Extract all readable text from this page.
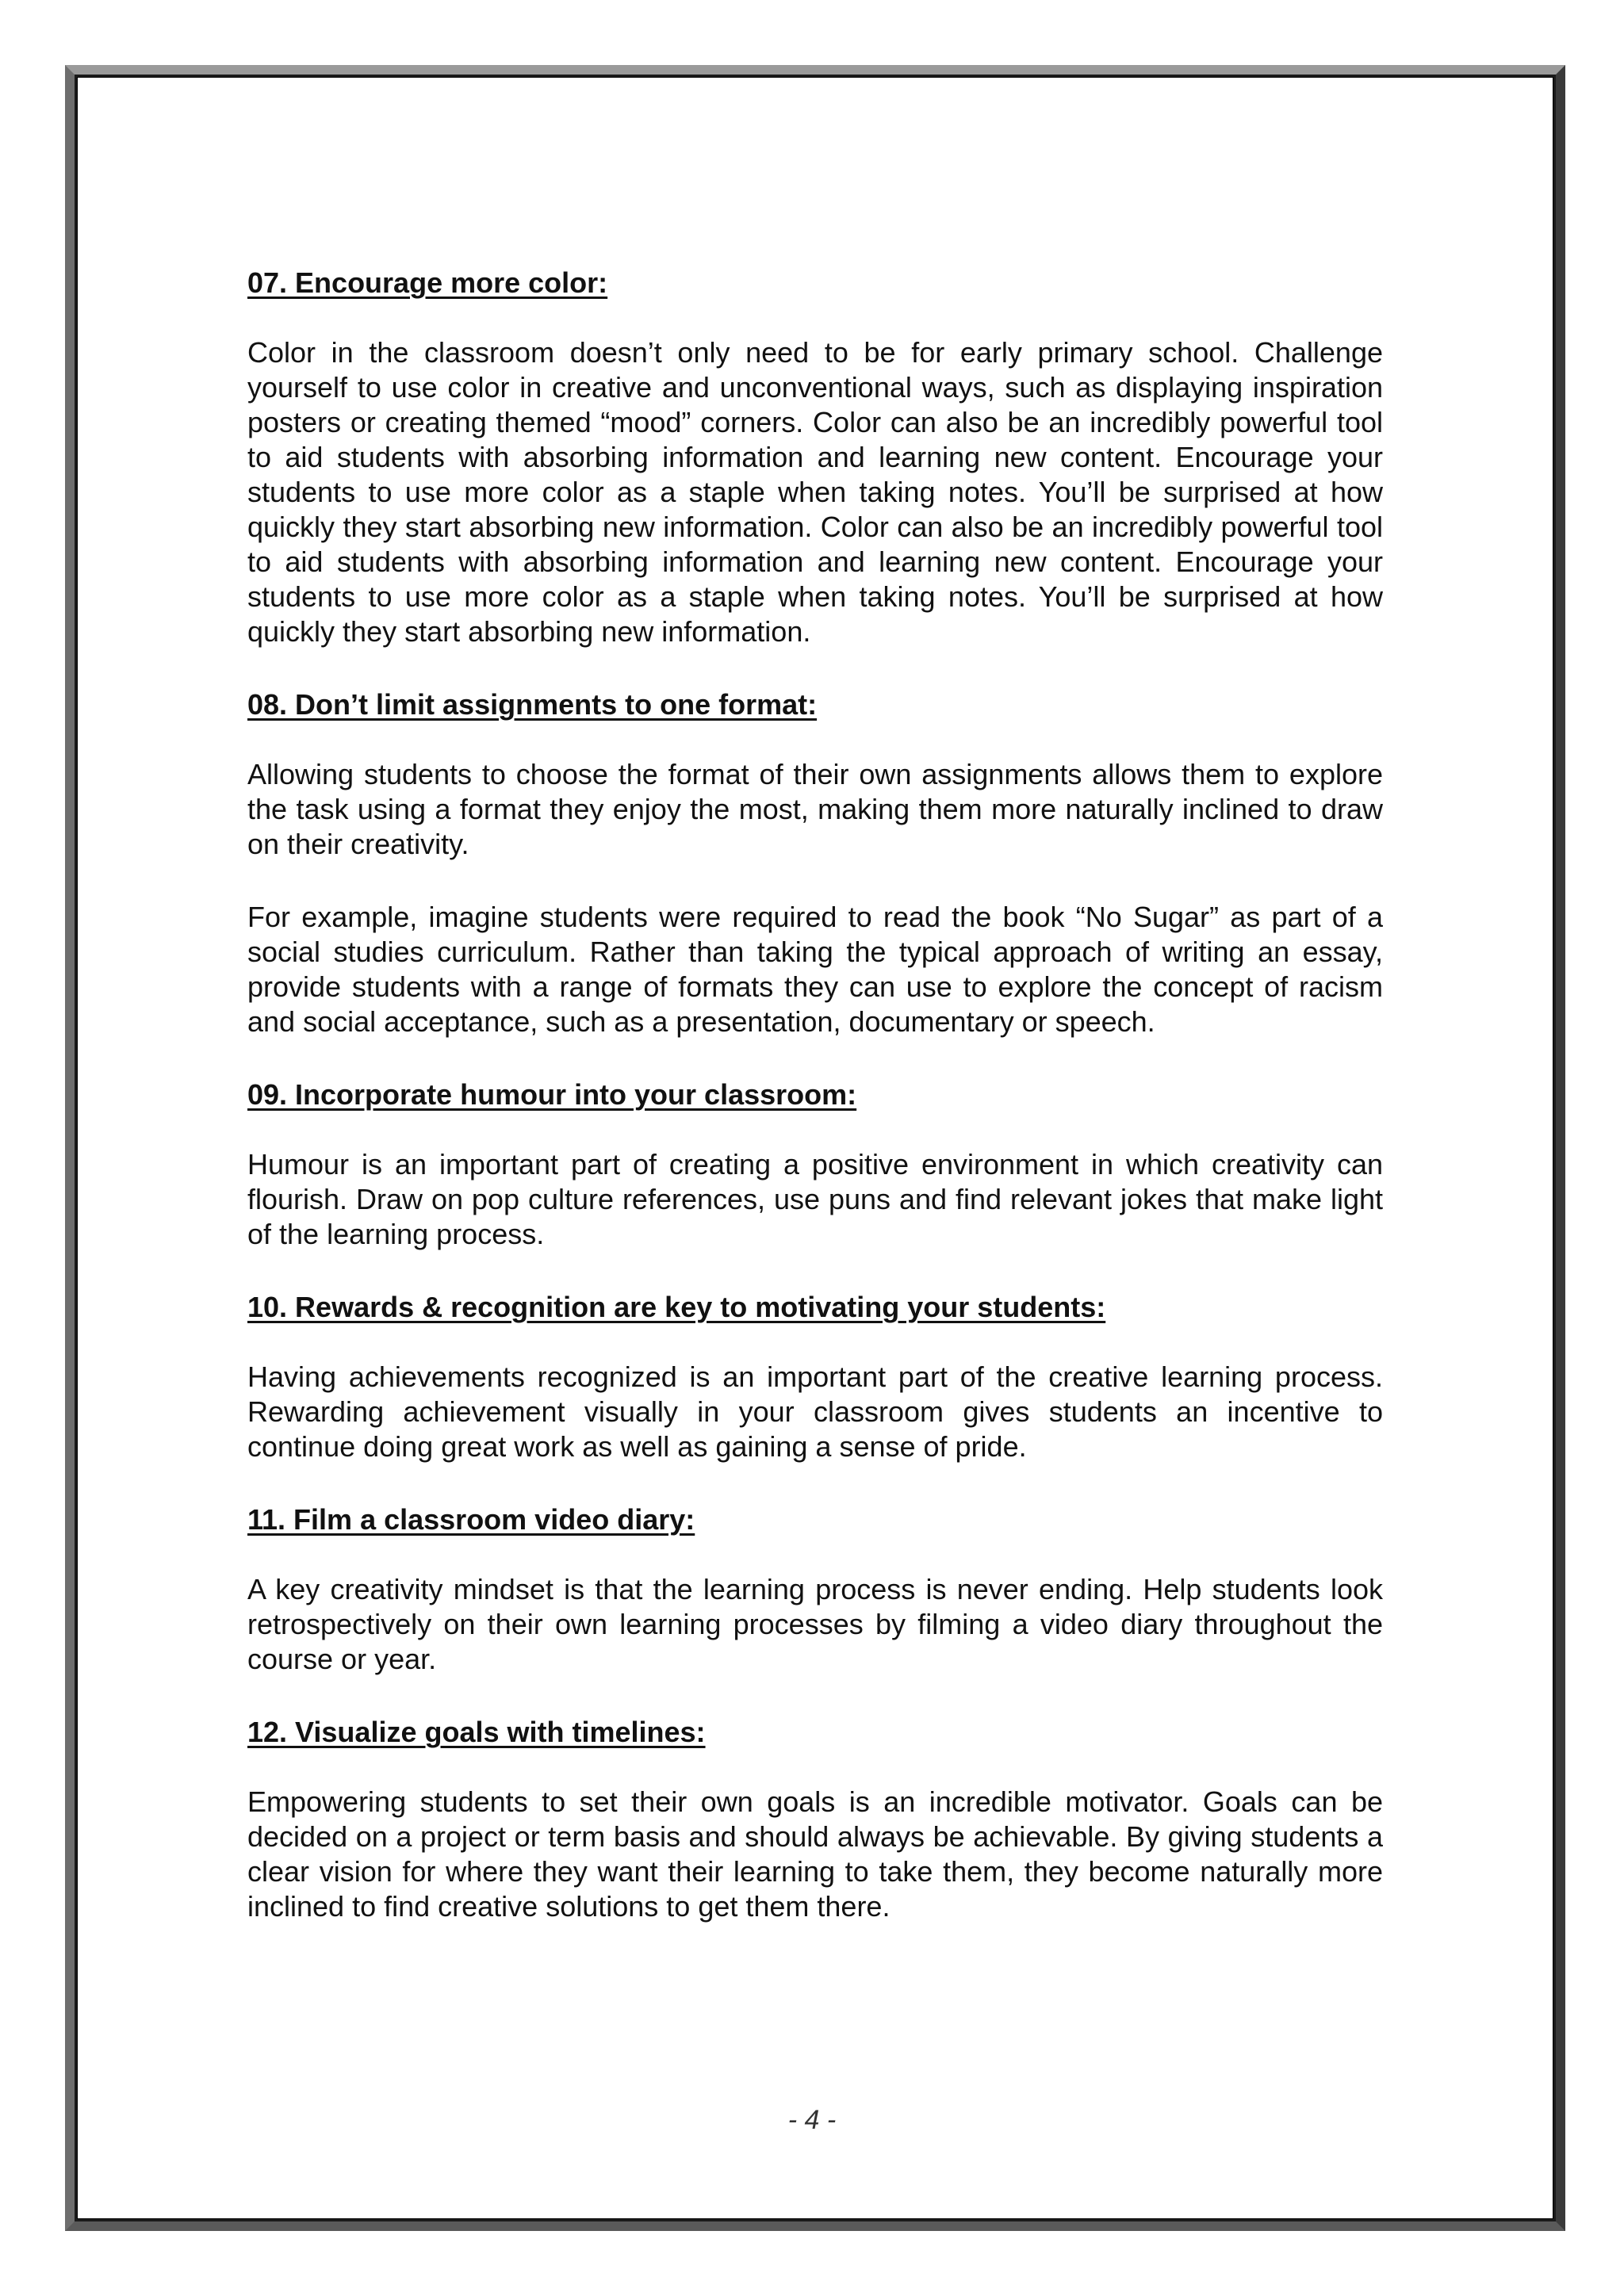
07. Encourage more color:

Color in the classroom doesn’t only need to be for early primary school. Challenge yourself to use color in creative and unconventional ways, such as displaying inspiration posters or creating themed “mood” corners. Color can also be an incredibly powerful tool to aid students with absorbing information and learning new content. Encourage your students to use more color as a staple when taking notes. You’ll be surprised at how quickly they start absorbing new information. Color can also be an incredibly powerful tool to aid students with absorbing information and learning new content. Encourage your students to use more color as a staple when taking notes. You’ll be surprised at how quickly they start absorbing new information.

08. Don’t limit assignments to one format:

Allowing students to choose the format of their own assignments allows them to explore the task using a format they enjoy the most, making them more naturally inclined to draw on their creativity.

For example, imagine students were required to read the book “No Sugar” as part of a social studies curriculum. Rather than taking the typical approach of writing an essay, provide students with a range of formats they can use to explore the concept of racism and social acceptance, such as a presentation, documentary or speech.

09. Incorporate humour into your classroom:

Humour is an important part of creating a positive environment in which creativity can flourish. Draw on pop culture references, use puns and find relevant jokes that make light of the learning process.

10. Rewards & recognition are key to motivating your students:

Having achievements recognized is an important part of the creative learning process. Rewarding achievement visually in your classroom gives students an incentive to continue doing great work as well as gaining a sense of pride.

11. Film a classroom video diary:

A key creativity mindset is that the learning process is never ending. Help students look retrospectively on their own learning processes by filming a video diary throughout the course or year.

12. Visualize goals with timelines:

Empowering students to set their own goals is an incredible motivator. Goals can be decided on a project or term basis and should always be achievable. By giving students a clear vision for where they want their learning to take them, they become naturally more inclined to find creative solutions to get them there.

- 4 -
